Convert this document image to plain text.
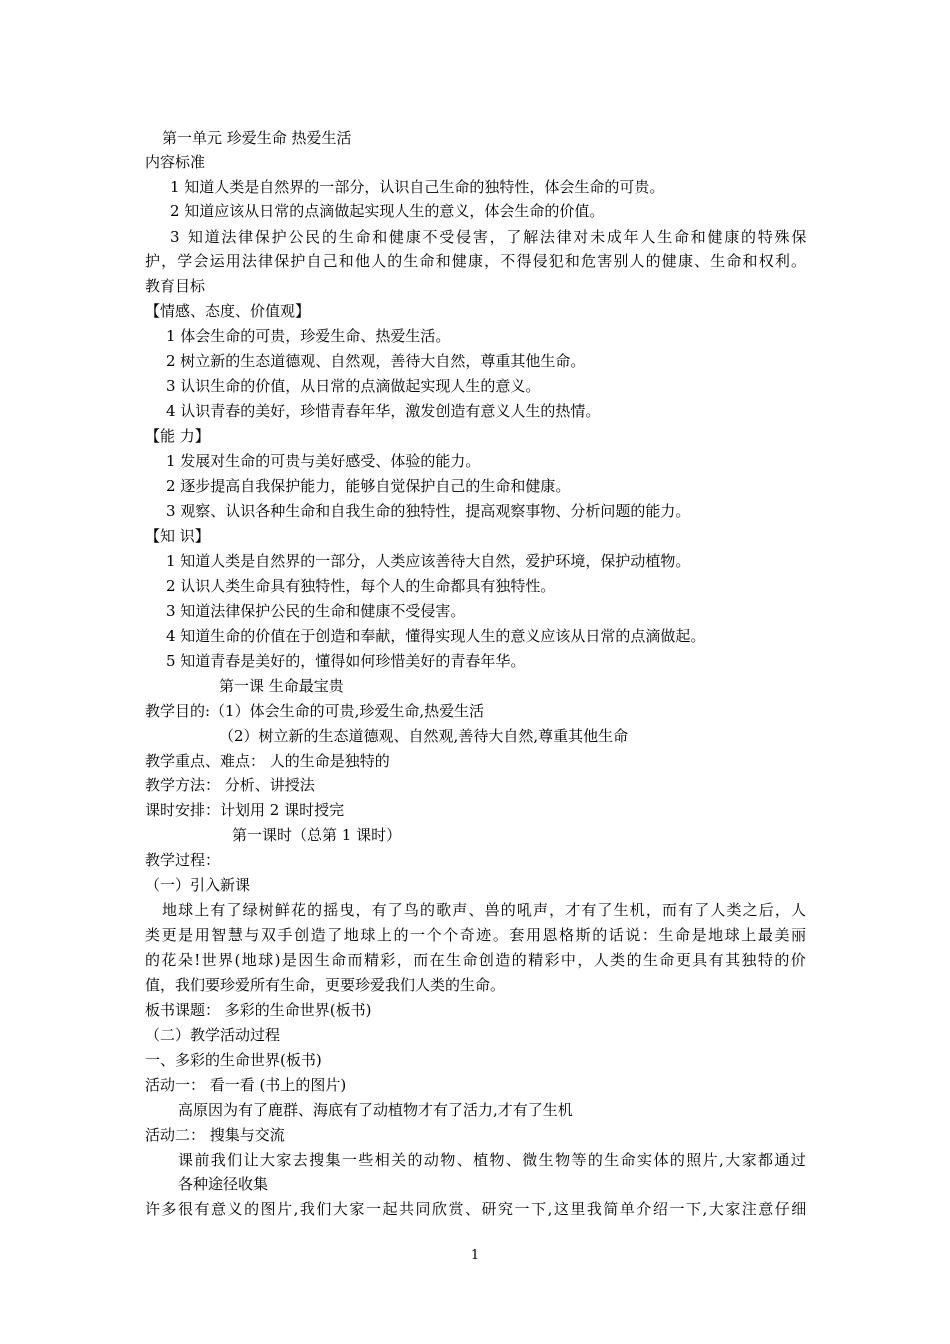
第一单元 珍爱生命 热爱生活
内容标准
1 知道人类是自然界的一部分，认识自己生命的独特性，体会生命的可贵。
2 知道应该从日常的点滴做起实现人生的意义，体会生命的价值。
3 知道法律保护公民的生命和健康不受侵害，了解法律对未成年人生命和健康的特殊保
护，学会运用法律保护自己和他人的生命和健康，不得侵犯和危害别人的健康、生命和权利。
教育目标
【情感、态度、价值观】
1 体会生命的可贵，珍爱生命、热爱生活。
2 树立新的生态道德观、自然观，善待大自然，尊重其他生命。
3 认识生命的价值，从日常的点滴做起实现人生的意义。
4 认识青春的美好，珍惜青春年华，激发创造有意义人生的热情。
【能 力】
1 发展对生命的可贵与美好感受、体验的能力。
2 逐步提高自我保护能力，能够自觉保护自己的生命和健康。
3 观察、认识各种生命和自我生命的独特性，提高观察事物、分析问题的能力。
【知 识】
1 知道人类是自然界的一部分，人类应该善待大自然，爱护环境，保护动植物。
2 认识人类生命具有独特性，每个人的生命都具有独特性。
3 知道法律保护公民的生命和健康不受侵害。
4 知道生命的价值在于创造和奉献，懂得实现人生的意义应该从日常的点滴做起。
5 知道青春是美好的，懂得如何珍惜美好的青春年华。
第一课 生命最宝贵
教学目的:（1）体会生命的可贵,珍爱生命,热爱生活
（2）树立新的生态道德观、自然观,善待大自然,尊重其他生命
教学重点、难点： 人的生命是独特的
教学方法： 分析、讲授法
课时安排：计划用 2 课时授完
第一课时（总第 1 课时）
教学过程：
（一）引入新课
地球上有了绿树鲜花的摇曳，有了鸟的歌声、兽的吼声，才有了生机，而有了人类之后，人
类更是用智慧与双手创造了地球上的一个个奇迹。套用恩格斯的话说：生命是地球上最美丽
的花朵!世界(地球)是因生命而精彩，而在生命创造的精彩中，人类的生命更具有其独特的价
值，我们要珍爱所有生命，更要珍爱我们人类的生命。
板书课题： 多彩的生命世界(板书)
（二）教学活动过程
一、多彩的生命世界(板书)
活动一： 看一看 (书上的图片)
高原因为有了鹿群、海底有了动植物才有了活力,才有了生机
活动二： 搜集与交流
课前我们让大家去搜集一些相关的动物、植物、微生物等的生命实体的照片,大家都通过
各种途径收集
许多很有意义的图片,我们大家一起共同欣赏、研究一下,这里我简单介绍一下,大家注意仔细
1
